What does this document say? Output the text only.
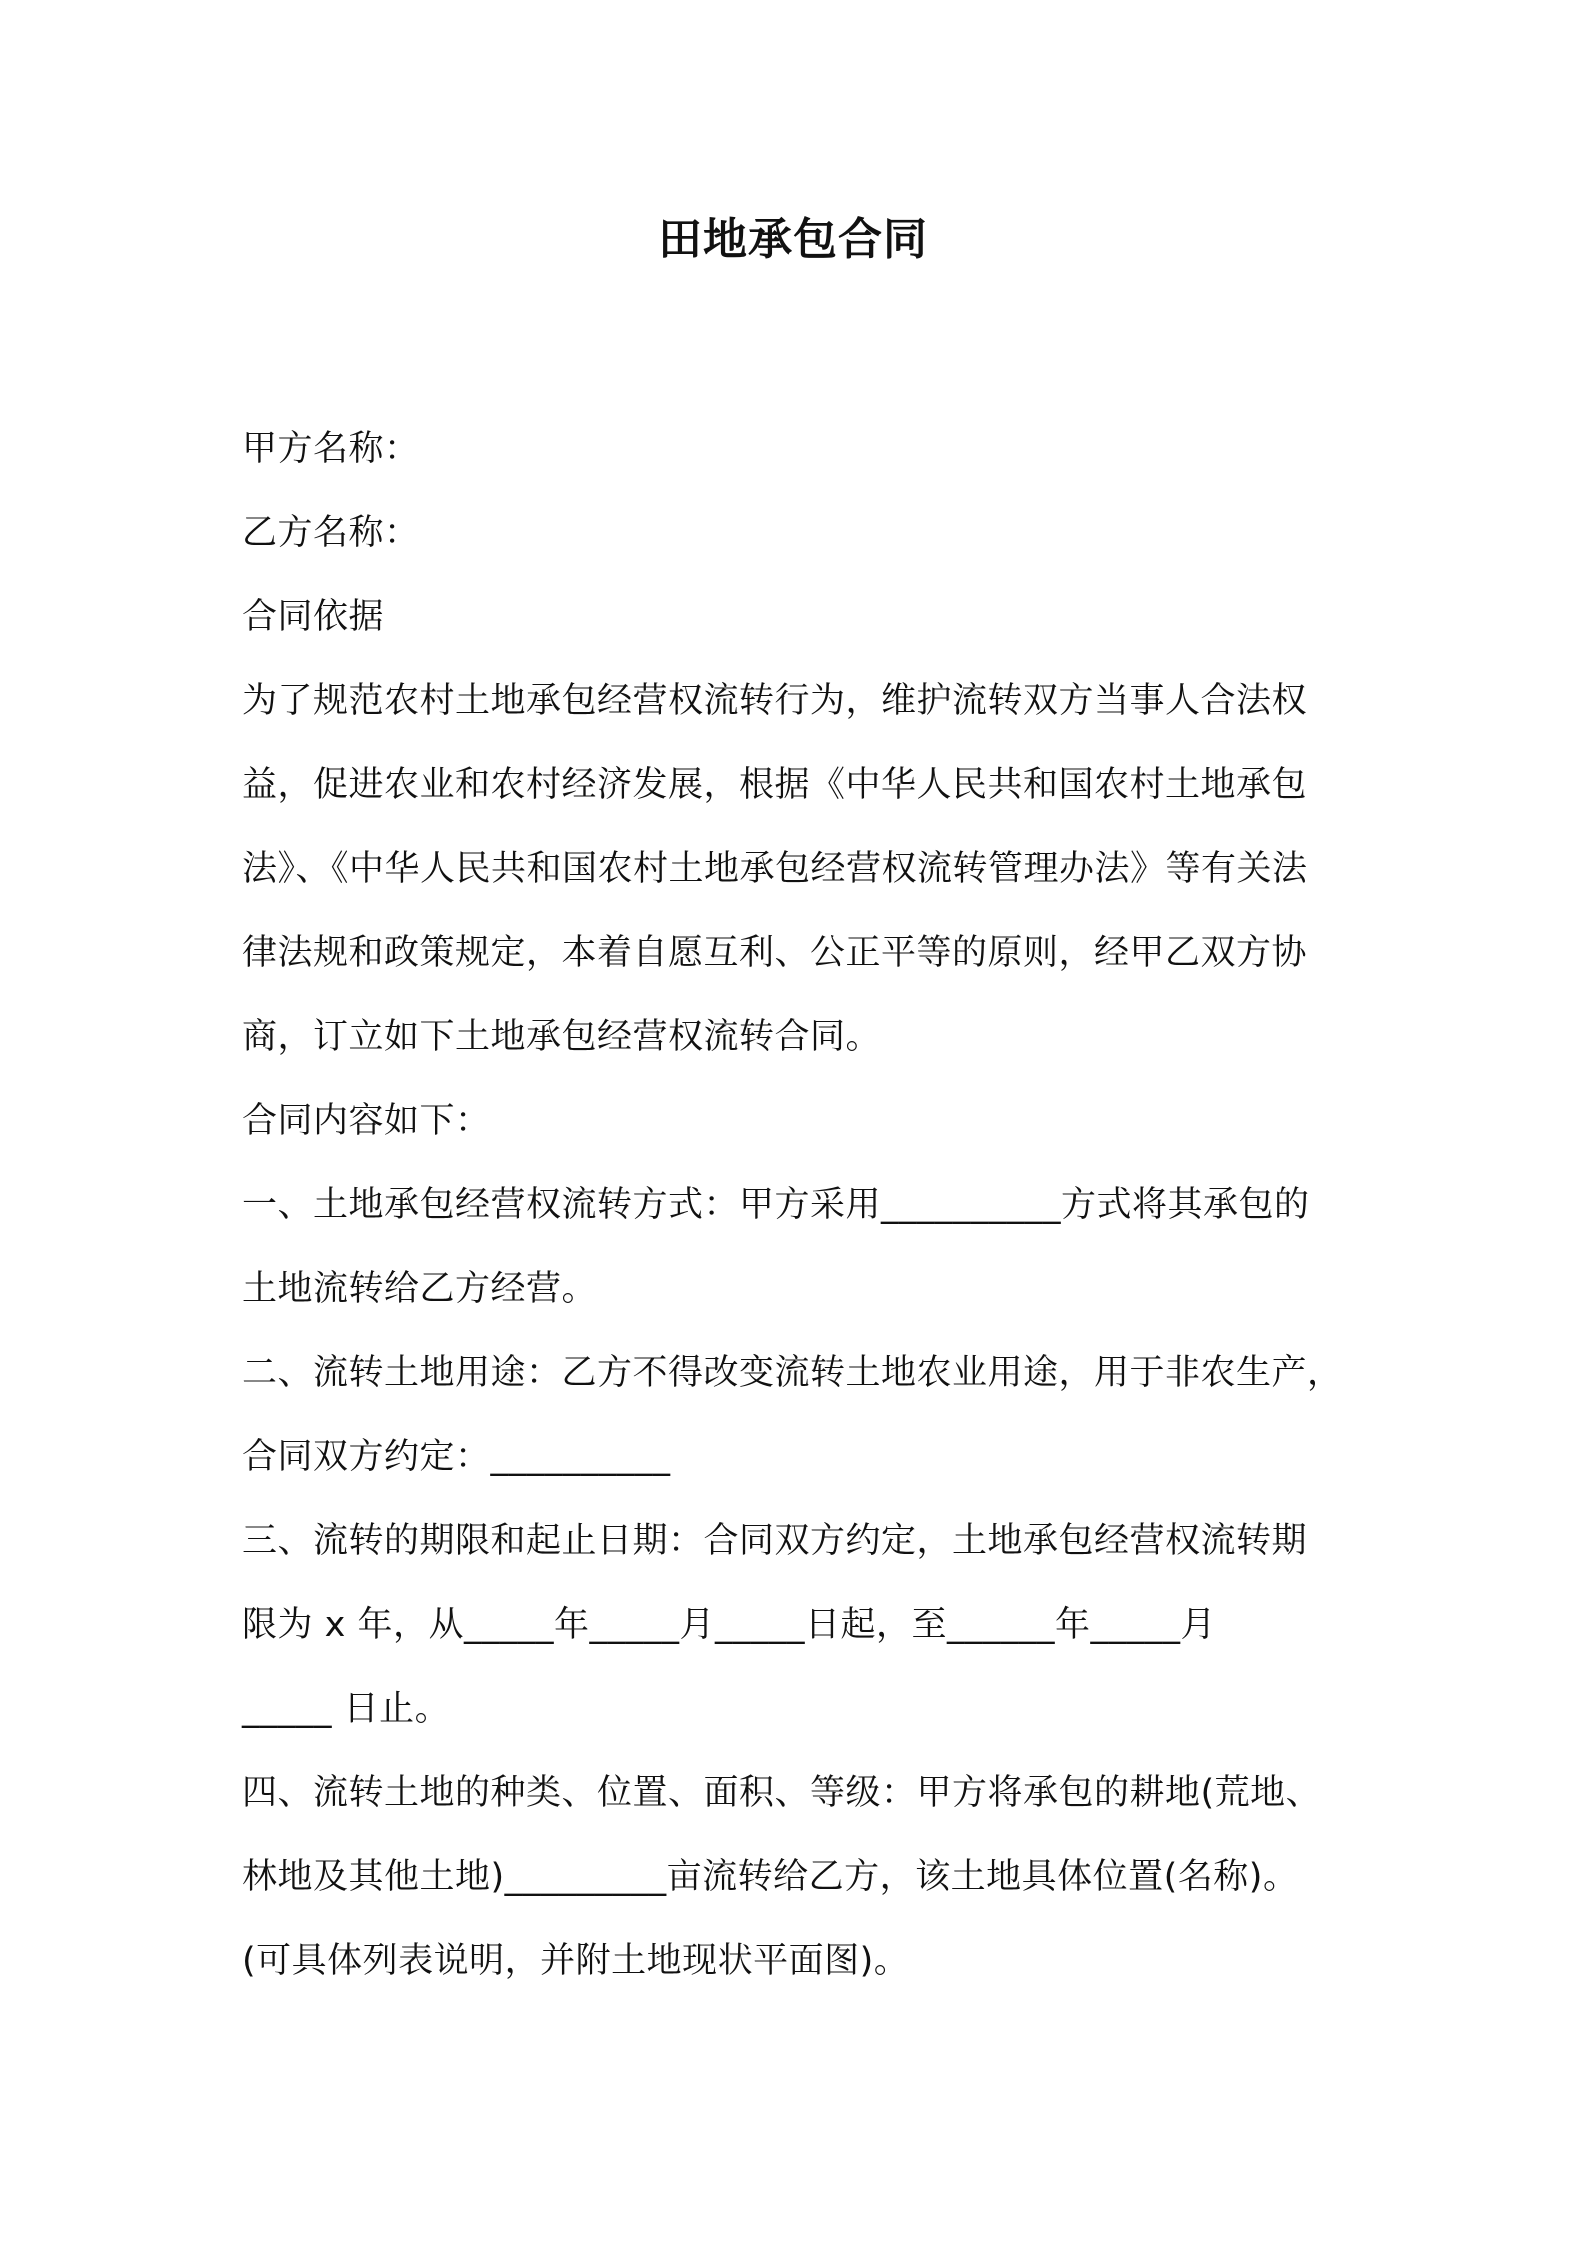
田地承包合同
甲方名称：
乙方名称：
合同依据
为了规范农村土地承包经营权流转行为，维护流转双方当事人合法权
益，促进农业和农村经济发展，根据《中华人民共和国农村土地承包
法》、《中华人民共和国农村土地承包经营权流转管理办法》等有关法
律法规和政策规定，本着自愿互利、公正平等的原则，经甲乙双方协
商，订立如下土地承包经营权流转合同。
合同内容如下：
一、土地承包经营权流转方式：甲方采用__________方式将其承包的
土地流转给乙方经营。
二、流转土地用途：乙方不得改变流转土地农业用途，用于非农生产，
合同双方约定：__________
三、流转的期限和起止日期：合同双方约定，土地承包经营权流转期
限为 x 年，从_____年_____月_____日起，至______年_____月
_____ 日止。
四、流转土地的种类、位置、面积、等级：甲方将承包的耕地(荒地、
林地及其他土地)_________亩流转给乙方，该土地具体位置(名称)。
(可具体列表说明，并附土地现状平面图)。
